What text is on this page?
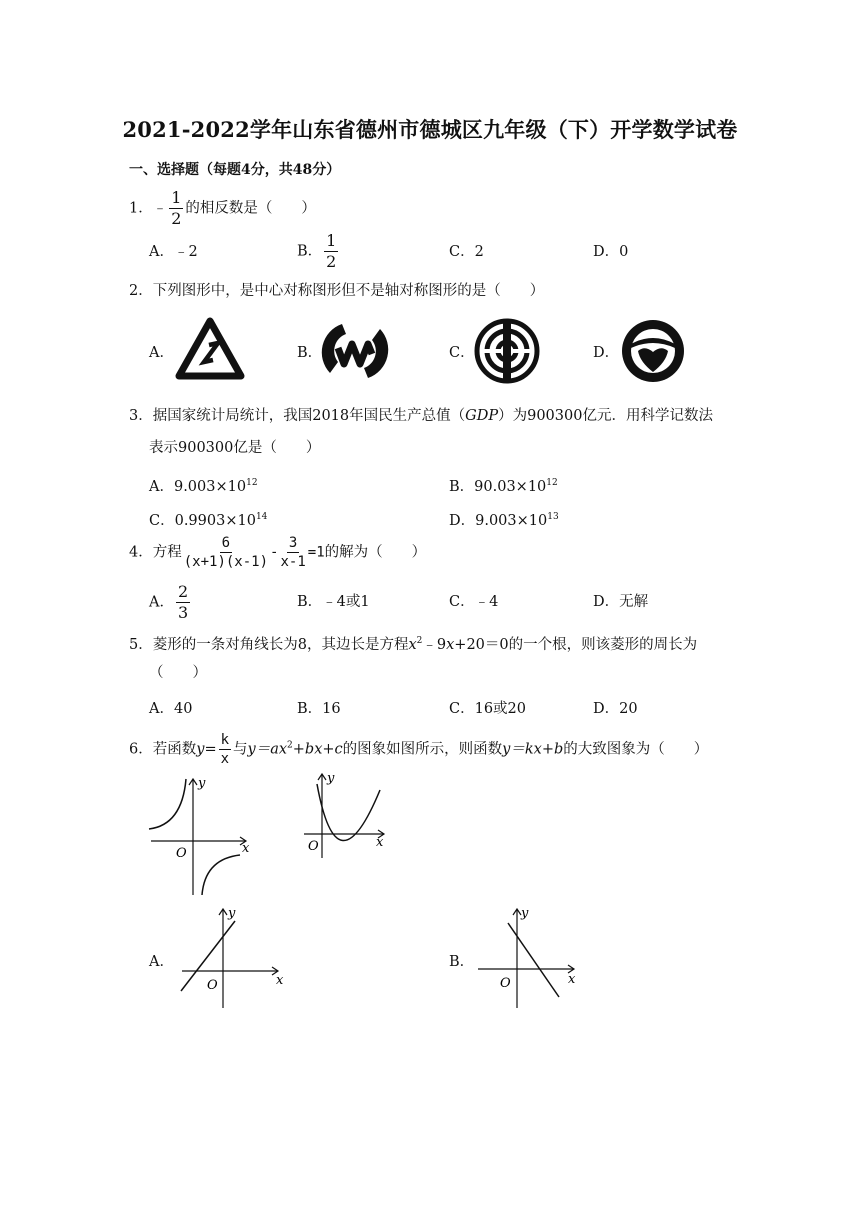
2021-2022学年山东省德州市德城区九年级（下）开学数学试卷
一、选择题（每题4分，共48分）
1．﹣ $\frac{1}{2}$ 的相反数是（　　）
A．﹣2	B． $\frac{1}{2}$	C．2	D．0
2．下列图形中，是中心对称图形但不是轴对称图形的是（　　）
A．	B．	C．	D．
3．据国家统计局统计，我国2018年国民生产总值（GDP）为900300亿元．用科学记数法
表示900300亿是（　　）
A．$9.003\times 10^{12}$	B．$90.03\times 10^{12}$
C．$0.9903\times 10^{14}$	D．$9.003\times 10^{13}$
4．方程 $\frac{6}{(x+1)(x-1)} - \frac{3}{x-1} =1$的解为（　　）
A． $\frac{2}{3}$	B．﹣4或1	C．﹣4	D．无解
5．菱形的一条对角线长为8，其边长是方程$x^2﹣9x+20=0$的一个根，则该菱形的周长为
（　　）
A．40	B．16	C．16或20	D．20
6．若函数$y= \frac{k}{x}$ 与$y=ax^2+bx+c$的图象如图所示，则函数y＝kx+b的大致图象为（　　）
O	x
y
O	x
y
A．	B．
O	x
y
O	x
y
